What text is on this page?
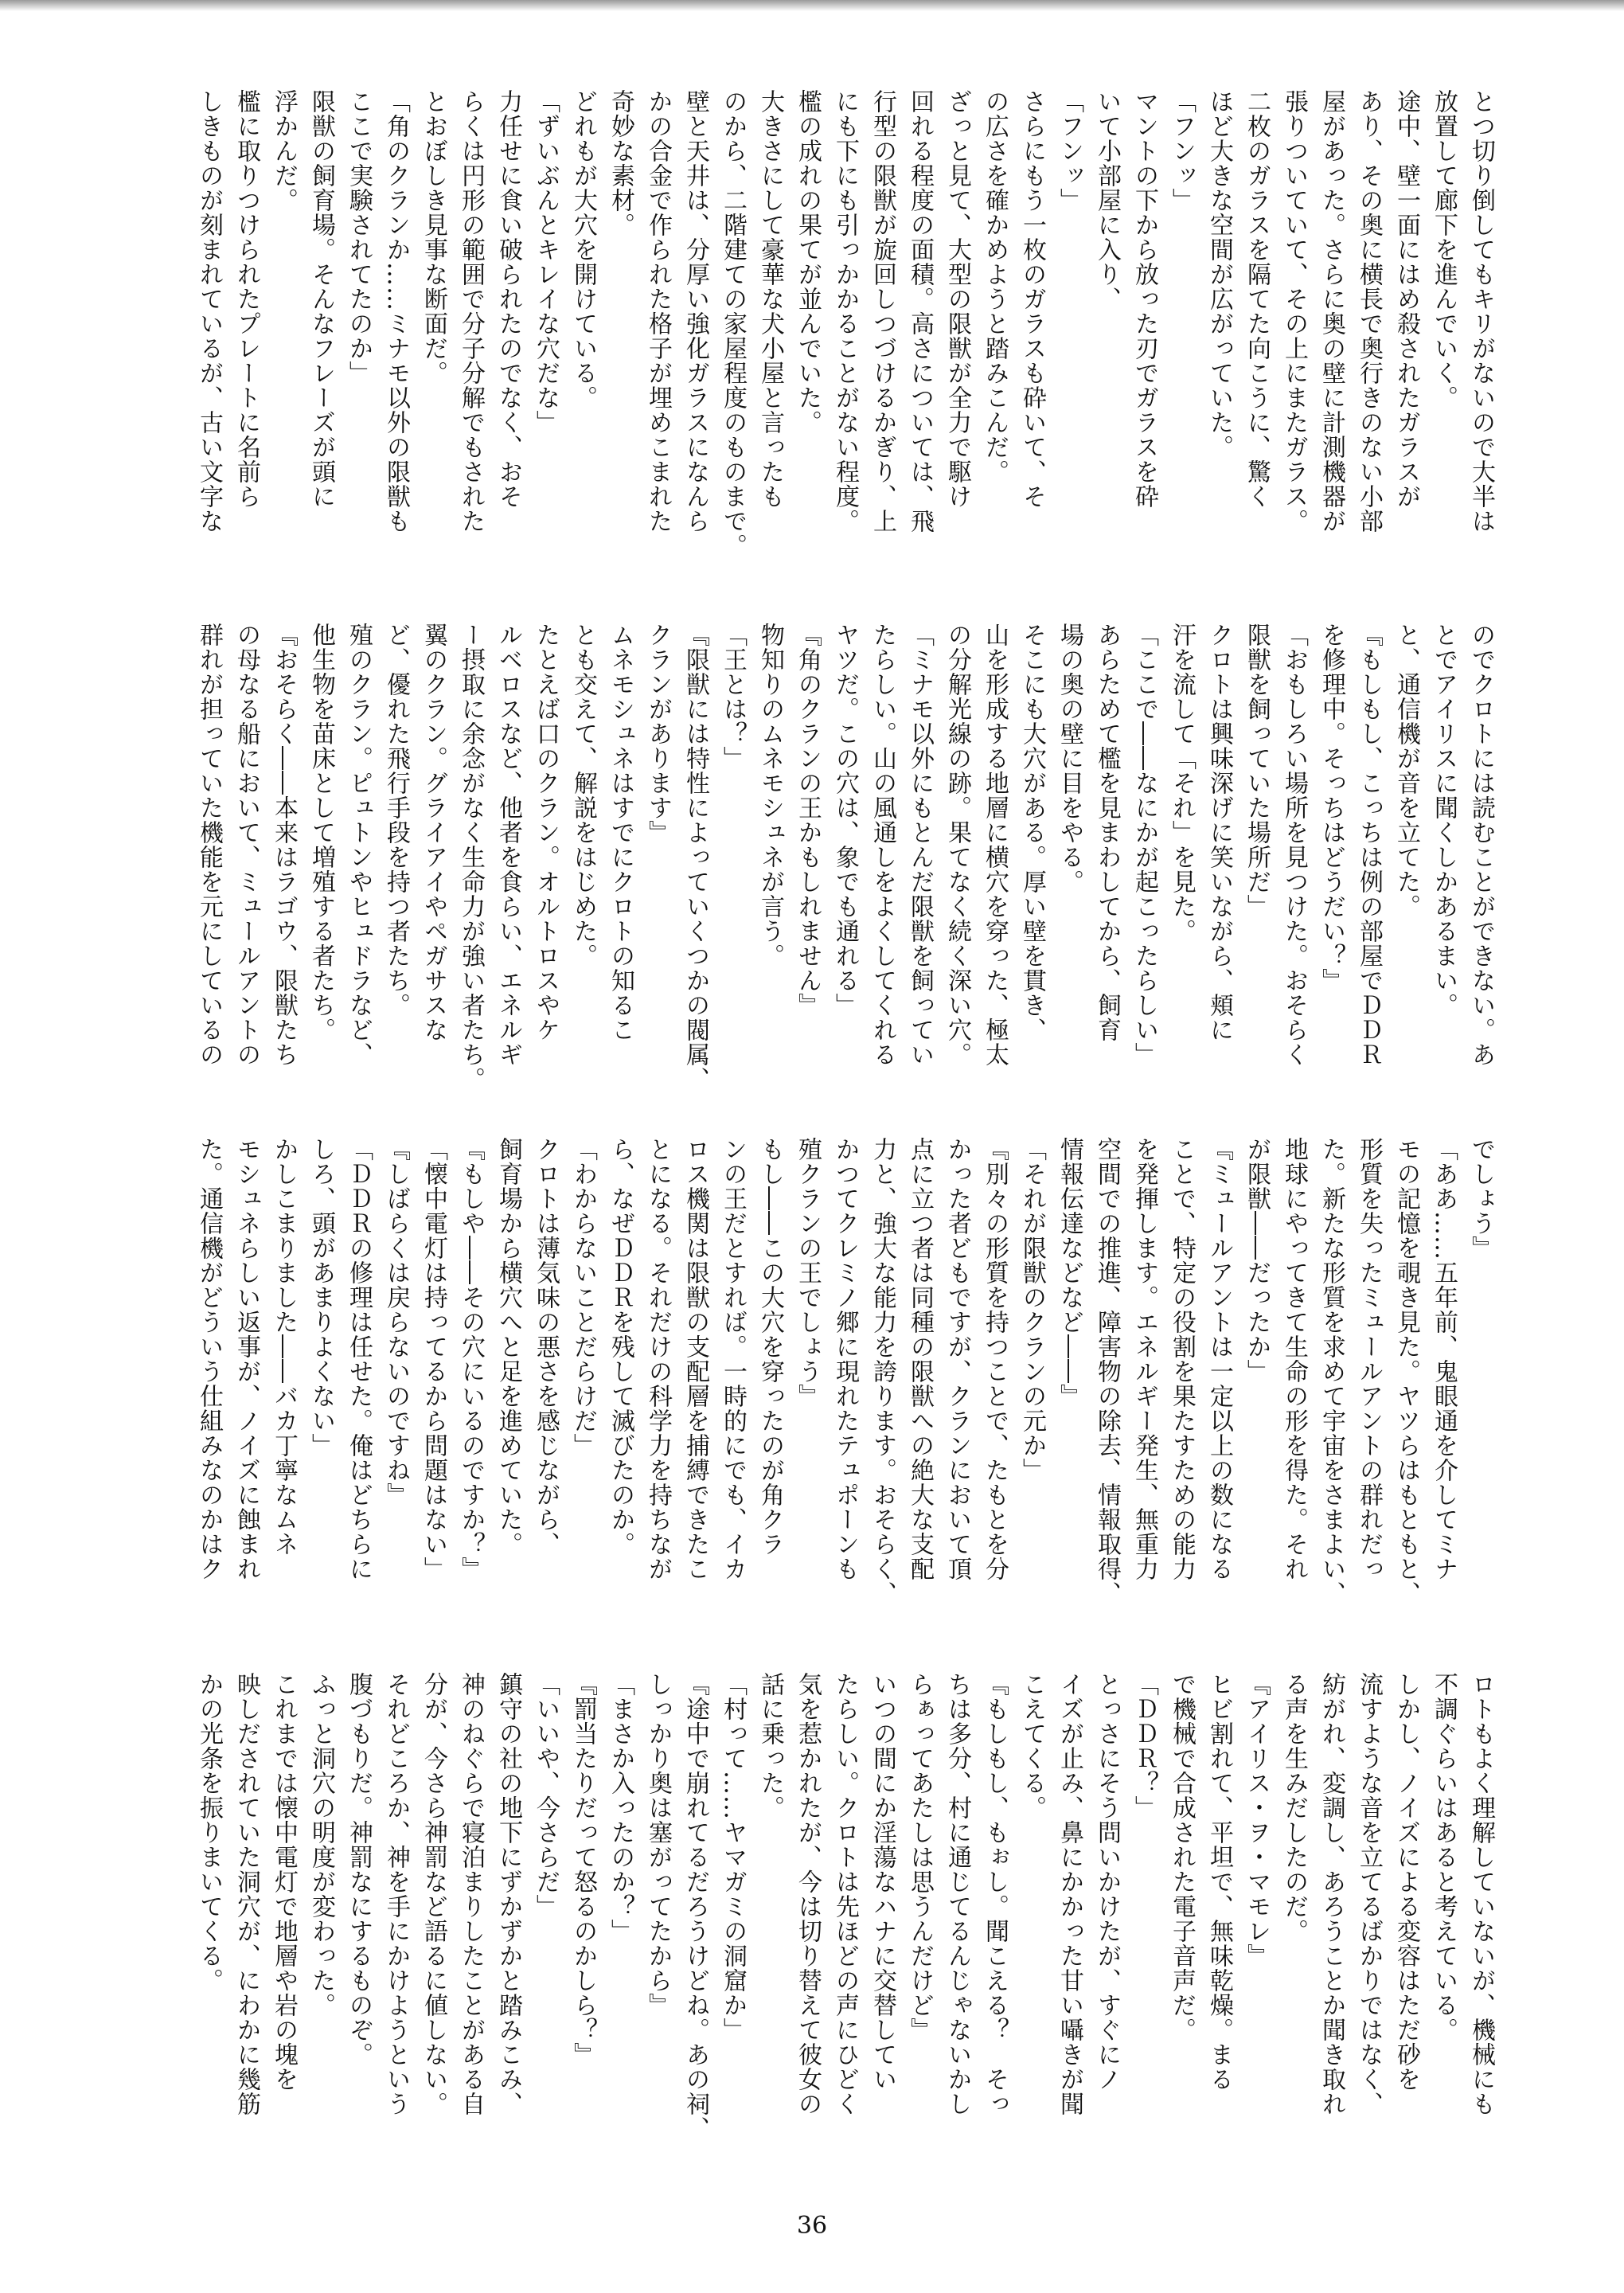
とつ切り倒してもキリがないので大半は
放置して廊下を進んでいく。
途中、壁一面にはめ殺されたガラスが
あり、その奥に横長で奥行きのない小部
屋があった。さらに奥の壁に計測機器が
張りついていて、その上にまたガラス。
二枚のガラスを隔てた向こうに、驚く
ほど大きな空間が広がっていた。
「フンッ」
マントの下から放った刃でガラスを砕
いて小部屋に入り、
「フンッ」
さらにもう一枚のガラスも砕いて、そ
の広さを確かめようと踏みこんだ。
ざっと見て、大型の限獣が全力で駆け
回れる程度の面積。高さについては、飛
行型の限獣が旋回しつづけるかぎり、上
にも下にも引っかかることがない程度。
檻の成れの果てが並んでいた。
大きさにして豪華な犬小屋と言ったも
のから、二階建ての家屋程度のものまで。
壁と天井は、分厚い強化ガラスになんら
かの合金で作られた格子が埋めこまれた
奇妙な素材。
どれもが大穴を開けている。
「ずいぶんとキレイな穴だな」
力任せに食い破られたのでなく、おそ
らくは円形の範囲で分子分解でもされた
とおぼしき見事な断面だ。
「角のクランか……ミナモ以外の限獣も
ここで実験されてたのか」
限獣の飼育場。そんなフレーズが頭に
浮かんだ。
檻に取りつけられたプレートに名前ら
しきものが刻まれているが、古い文字な
のでクロトには読むことができない。あ
とでアイリスに聞くしかあるまい。
と、通信機が音を立てた。
『もしもし、こっちは例の部屋でＤＤＲ
を修理中。そっちはどうだい？』
「おもしろい場所を見つけた。おそらく
限獣を飼っていた場所だ」
クロトは興味深げに笑いながら、頬に
汗を流して「それ」を見た。
「ここで――なにかが起こったらしい」
あらためて檻を見まわしてから、飼育
場の奥の壁に目をやる。
そこにも大穴がある。厚い壁を貫き、
山を形成する地層に横穴を穿った、極太
の分解光線の跡。果てなく続く深い穴。
「ミナモ以外にもとんだ限獣を飼ってい
たらしい。山の風通しをよくしてくれる
ヤツだ。この穴は、象でも通れる」
『角のクランの王かもしれません』
物知りのムネモシュネが言う。
「王とは？」
『限獣には特性によっていくつかの閥属、
クランがあります』
ムネモシュネはすでにクロトの知るこ
とも交えて、解説をはじめた。
たとえば口のクラン。オルトロスやケ
ルベロスなど、他者を食らい、エネルギ
ー摂取に余念がなく生命力が強い者たち。
翼のクラン。グライアイやペガサスな
ど、優れた飛行手段を持つ者たち。
殖のクラン。ピュトンやヒュドラなど、
他生物を苗床として増殖する者たち。
『おそらく――本来はラゴウ、限獣たち
の母なる船において、ミュールアントの
群れが担っていた機能を元にしているの
でしょう』
「ああ……五年前、鬼眼通を介してミナ
モの記憶を覗き見た。ヤツらはもともと、
形質を失ったミュールアントの群れだっ
た。新たな形質を求めて宇宙をさまよい、
地球にやってきて生命の形を得た。それ
が限獣――だったか」
『ミュールアントは一定以上の数になる
ことで、特定の役割を果たすための能力
を発揮します。エネルギー発生、無重力
空間での推進、障害物の除去、情報取得、
情報伝達などなど――』
「それが限獣のクランの元か」
『別々の形質を持つことで、たもとを分
かった者どもですが、クランにおいて頂
点に立つ者は同種の限獣への絶大な支配
力と、強大な能力を誇ります。おそらく、
かつてクレミノ郷に現れたテュポーンも
殖クランの王でしょう』
もし――この大穴を穿ったのが角クラ
ンの王だとすれば。一時的にでも、イカ
ロス機関は限獣の支配層を捕縛できたこ
とになる。それだけの科学力を持ちなが
ら、なぜＤＤＲを残して滅びたのか。
「わからないことだらけだ」
クロトは薄気味の悪さを感じながら、
飼育場から横穴へと足を進めていた。
『もしや――その穴にいるのですか？』
「懐中電灯は持ってるから問題はない」
『しばらくは戻らないのですね』
「ＤＤＲの修理は任せた。俺はどちらに
しろ、頭があまりよくない」
かしこまりました――バカ丁寧なムネ
モシュネらしい返事が、ノイズに蝕まれ
た。通信機がどういう仕組みなのかはク
ロトもよく理解していないが、機械にも
不調ぐらいはあると考えている。
しかし、ノイズによる変容はただ砂を
流すような音を立てるばかりではなく、
紡がれ、変調し、あろうことか聞き取れ
る声を生みだしたのだ。
『アイリス・ヲ・マモレ』
ヒビ割れて、平坦で、無味乾燥。まる
で機械で合成された電子音声だ。
「ＤＤＲ？」
とっさにそう問いかけたが、すぐにノ
イズが止み、鼻にかかった甘い囁きが聞
こえてくる。
『もしもし、もぉし。聞こえる？　そっ
ちは多分、村に通じてるんじゃないかし
らぁってあたしは思うんだけど』
いつの間にか淫蕩なハナに交替してい
たらしい。クロトは先ほどの声にひどく
気を惹かれたが、今は切り替えて彼女の
話に乗った。
「村って……ヤマガミの洞窟か」
『途中で崩れてるだろうけどね。あの祠、
しっかり奥は塞がってたから』
「まさか入ったのか？」
『罰当たりだって怒るのかしら？』
「いいや、今さらだ」
鎮守の社の地下にずかずかと踏みこみ、
神のねぐらで寝泊まりしたことがある自
分が、今さら神罰など語るに値しない。
それどころか、神を手にかけようという
腹づもりだ。神罰なにするものぞ。
ふっと洞穴の明度が変わった。
これまでは懐中電灯で地層や岩の塊を
映しだされていた洞穴が、にわかに幾筋
かの光条を振りまいてくる。
36
